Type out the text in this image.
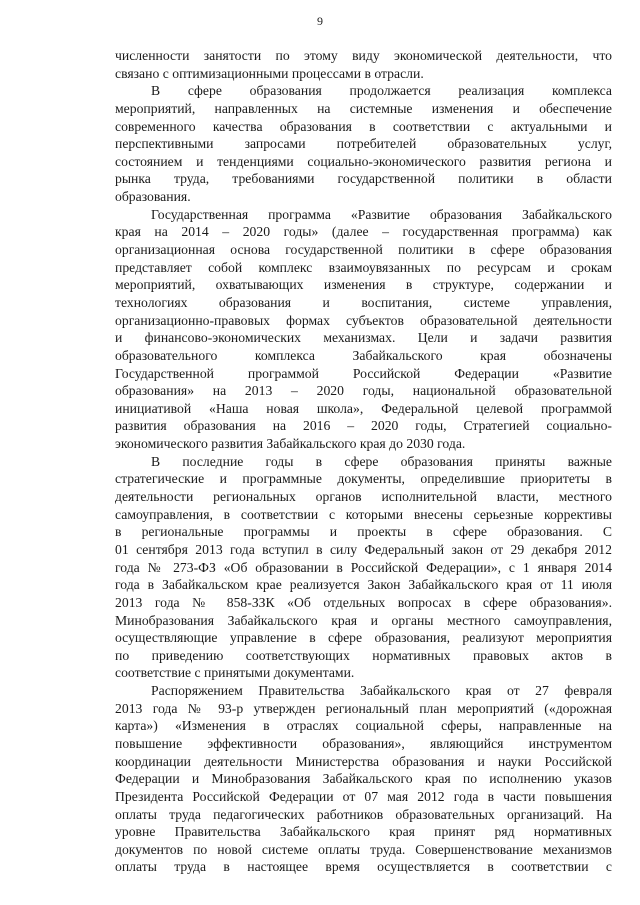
9
численности занятости по этому виду экономической деятельности, что
связано с оптимизационными процессами в отрасли.
В сфере образования продолжается реализация комплекса
мероприятий, направленных на системные изменения и обеспечение
современного качества образования в соответствии с актуальными и
перспективными запросами потребителей образовательных услуг,
состоянием и тенденциями социально-экономического развития региона и
рынка труда, требованиями государственной политики в области
образования.
Государственная программа «Развитие образования Забайкальского
края на 2014 – 2020 годы» (далее – государственная программа) как
организационная основа государственной политики в сфере образования
представляет собой комплекс взаимоувязанных по ресурсам и срокам
мероприятий, охватывающих изменения в структуре, содержании и
технологиях образования и воспитания, системе управления,
организационно-правовых формах субъектов образовательной деятельности
и финансово-экономических механизмах. Цели и задачи развития
образовательного комплекса Забайкальского края обозначены
Государственной программой Российской Федерации «Развитие
образования» на 2013 – 2020 годы, национальной образовательной
инициативой «Наша новая школа», Федеральной целевой программой
развития образования на 2016 – 2020 годы, Стратегией социально-
экономического развития Забайкальского края до 2030 года.
В последние годы в сфере образования приняты важные
стратегические и программные документы, определившие приоритеты в
деятельности региональных органов исполнительной власти, местного
самоуправления, в соответствии с которыми внесены серьезные коррективы
в региональные программы и проекты в сфере образования. С
01 сентября 2013 года вступил в силу Федеральный закон от 29 декабря 2012
года № 273-ФЗ «Об образовании в Российской Федерации», с 1 января 2014
года в Забайкальском крае реализуется Закон Забайкальского края от 11 июля
2013 года № 858-ЗЗК «Об отдельных вопросах в сфере образования».
Минобразования Забайкальского края и органы местного самоуправления,
осуществляющие управление в сфере образования, реализуют мероприятия
по приведению соответствующих нормативных правовых актов в
соответствие с принятыми документами.
Распоряжением Правительства Забайкальского края от 27 февраля
2013 года № 93-р утвержден региональный план мероприятий («дорожная
карта») «Изменения в отраслях социальной сферы, направленные на
повышение эффективности образования», являющийся инструментом
координации деятельности Министерства образования и науки Российской
Федерации и Минобразования Забайкальского края по исполнению указов
Президента Российской Федерации от 07 мая 2012 года в части повышения
оплаты труда педагогических работников образовательных организаций. На
уровне Правительства Забайкальского края принят ряд нормативных
документов по новой системе оплаты труда. Совершенствование механизмов
оплаты труда в настоящее время осуществляется в соответствии с
